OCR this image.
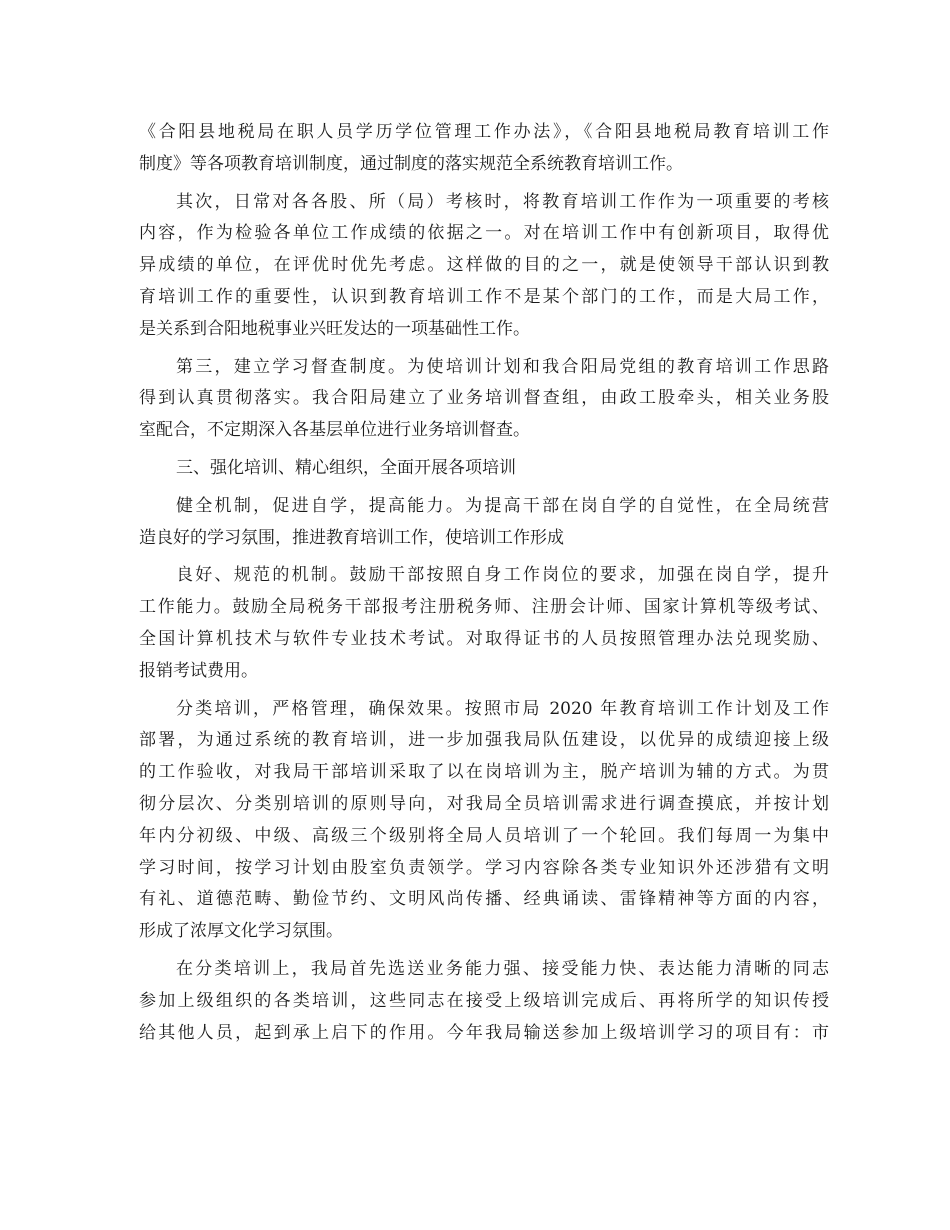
《合阳县地税局在职人员学历学位管理工作办法》，《合阳县地税局教育培训工作
制度》等各项教育培训制度，通过制度的落实规范全系统教育培训工作。
其次，日常对各各股、所（局）考核时，将教育培训工作作为一项重要的考核
内容，作为检验各单位工作成绩的依据之一。对在培训工作中有创新项目，取得优
异成绩的单位，在评优时优先考虑。这样做的目的之一，就是使领导干部认识到教
育培训工作的重要性，认识到教育培训工作不是某个部门的工作，而是大局工作，
是关系到合阳地税事业兴旺发达的一项基础性工作。
第三，建立学习督查制度。为使培训计划和我合阳局党组的教育培训工作思路
得到认真贯彻落实。我合阳局建立了业务培训督查组，由政工股牵头，相关业务股
室配合，不定期深入各基层单位进行业务培训督查。
三、强化培训、精心组织，全面开展各项培训
健全机制，促进自学，提高能力。为提高干部在岗自学的自觉性，在全局统营
造良好的学习氛围，推进教育培训工作，使培训工作形成
良好、规范的机制。鼓励干部按照自身工作岗位的要求，加强在岗自学，提升
工作能力。鼓励全局税务干部报考注册税务师、注册会计师、国家计算机等级考试、
全国计算机技术与软件专业技术考试。对取得证书的人员按照管理办法兑现奖励、
报销考试费用。
分类培训，严格管理，确保效果。按照市局 2020 年教育培训工作计划及工作
部署，为通过系统的教育培训，进一步加强我局队伍建设，以优异的成绩迎接上级
的工作验收，对我局干部培训采取了以在岗培训为主，脱产培训为辅的方式。为贯
彻分层次、分类别培训的原则导向，对我局全员培训需求进行调查摸底，并按计划
年内分初级、中级、高级三个级别将全局人员培训了一个轮回。我们每周一为集中
学习时间，按学习计划由股室负责领学。学习内容除各类专业知识外还涉猎有文明
有礼、道德范畴、勤俭节约、文明风尚传播、经典诵读、雷锋精神等方面的内容，
形成了浓厚文化学习氛围。
在分类培训上，我局首先选送业务能力强、接受能力快、表达能力清晰的同志
参加上级组织的各类培训，这些同志在接受上级培训完成后、再将所学的知识传授
给其他人员，起到承上启下的作用。今年我局输送参加上级培训学习的项目有：市
